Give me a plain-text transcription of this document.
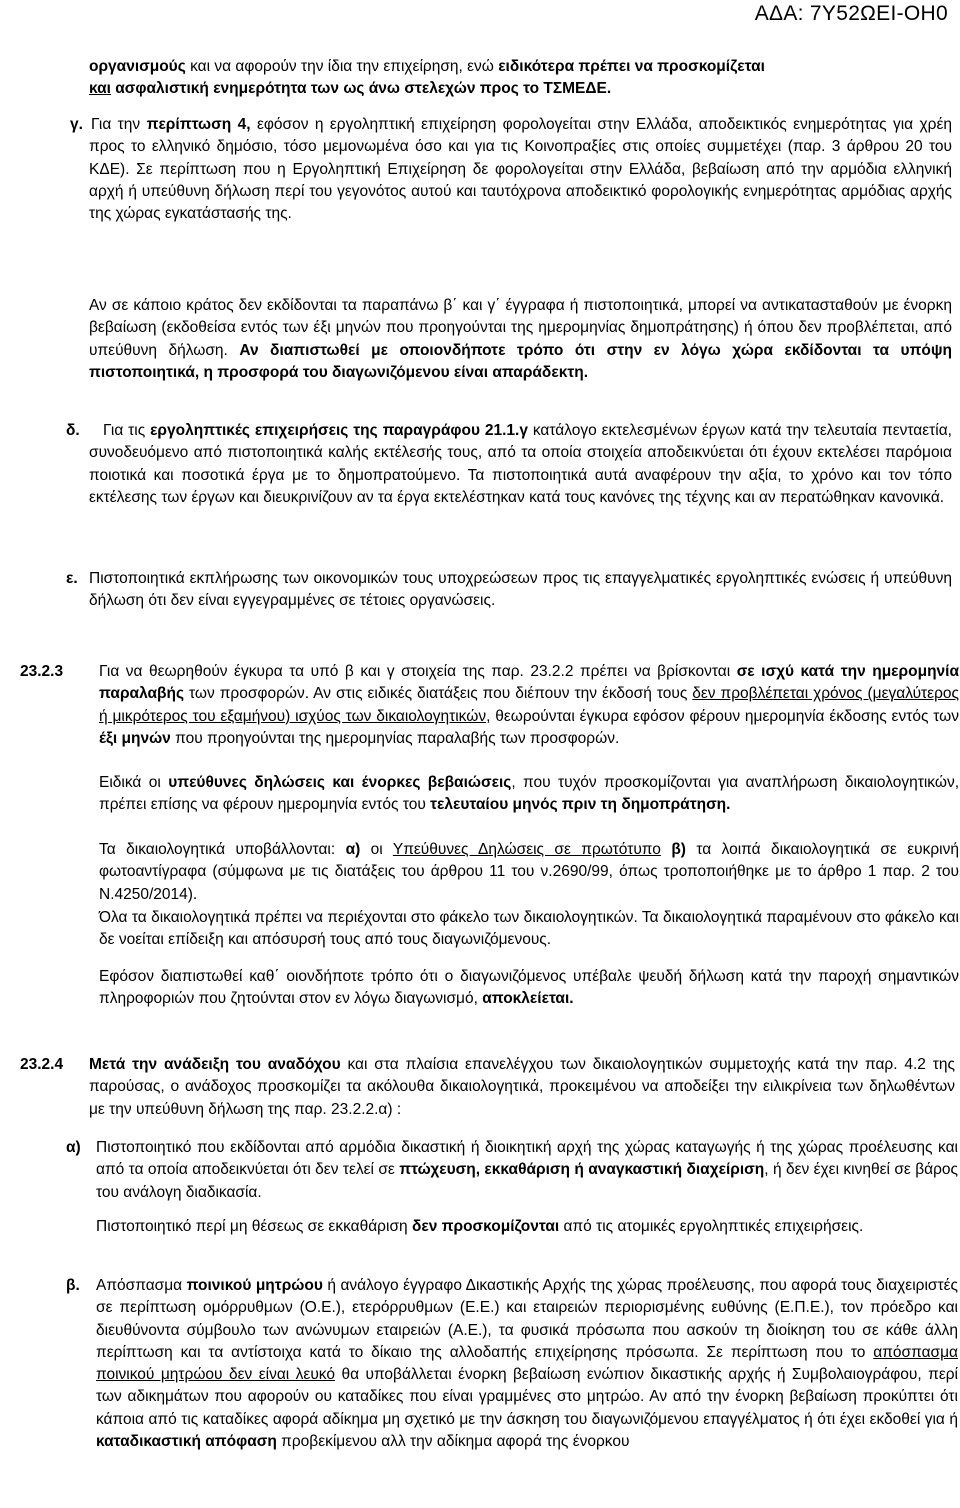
ΑΔΑ: 7Υ52ΩΕΙ-ΟΗ0

οργανισμούς και να αφορούν την ίδια την επιχείρηση, ενώ ειδικότερα πρέπει να προσκομίζεται
και ασφαλιστική ενημερότητα των ως άνω στελεχών προς το ΤΣΜΕΔΕ.

γ. Για την περίπτωση 4, εφόσον η εργοληπτική επιχείρηση φορολογείται στην Ελλάδα, αποδεικτικός ενημερότητας για χρέη προς το ελληνικό δημόσιο, τόσο μεμονωμένα όσο και για τις Κοινοπραξίες στις οποίες συμμετέχει (παρ. 3 άρθρου 20 του ΚΔΕ). Σε περίπτωση που η Εργοληπτική Επιχείρηση δε φορολογείται στην Ελλάδα, βεβαίωση από την αρμόδια ελληνική αρχή ή υπεύθυνη δήλωση περί του γεγονότος αυτού και ταυτόχρονα αποδεικτικό φορολογικής ενημερότητας αρμόδιας αρχής της χώρας εγκατάστασής της.

Αν σε κάποιο κράτος δεν εκδίδονται τα παραπάνω β΄ και γ΄ έγγραφα ή πιστοποιητικά, μπορεί να αντικατασταθούν με ένορκη βεβαίωση (εκδοθείσα εντός των έξι μηνών που προηγούνται της ημερομηνίας δημοπράτησης) ή όπου δεν προβλέπεται, από υπεύθυνη δήλωση. Αν διαπιστωθεί με οποιονδήποτε τρόπο ότι στην εν λόγω χώρα εκδίδονται τα υπόψη πιστοποιητικά, η προσφορά του διαγωνιζόμενου είναι απαράδεκτη.

δ.	Για τις εργοληπτικές επιχειρήσεις της παραγράφου 21.1.γ κατάλογο εκτελεσμένων έργων κατά την τελευταία πενταετία, συνοδευόμενο από πιστοποιητικά καλής εκτέλεσής τους, από τα οποία στοιχεία αποδεικνύεται ότι έχουν εκτελέσει παρόμοια ποιοτικά και ποσοτικά έργα με το δημοπρατούμενο. Τα πιστοποιητικά αυτά αναφέρουν την αξία, το χρόνο και τον τόπο εκτέλεσης των έργων και διευκρινίζουν αν τα έργα εκτελέστηκαν κατά τους κανόνες της τέχνης και αν περατώθηκαν κανονικά.

ε. Πιστοποιητικά εκπλήρωσης των οικονομικών τους υποχρεώσεων προς τις επαγγελματικές εργοληπτικές ενώσεις ή υπεύθυνη δήλωση ότι δεν είναι εγγεγραμμένες σε τέτοιες οργανώσεις.

23.2.3 Για να θεωρηθούν έγκυρα τα υπό β και γ στοιχεία της παρ. 23.2.2 πρέπει να βρίσκονται σε ισχύ κατά την ημερομηνία παραλαβής των προσφορών. Αν στις ειδικές διατάξεις που διέπουν την έκδοσή τους δεν προβλέπεται χρόνος (μεγαλύτερος ή μικρότερος του εξαμήνου) ισχύος των δικαιολογητικών, θεωρούνται έγκυρα εφόσον φέρουν ημερομηνία έκδοσης εντός των έξι μηνών που προηγούνται της ημερομηνίας παραλαβής των προσφορών.

Ειδικά οι υπεύθυνες δηλώσεις και ένορκες βεβαιώσεις, που τυχόν προσκομίζονται για αναπλήρωση δικαιολογητικών, πρέπει επίσης να φέρουν ημερομηνία εντός του τελευταίου μηνός πριν τη δημοπράτηση.

Τα δικαιολογητικά υποβάλλονται: α) οι Υπεύθυνες Δηλώσεις σε πρωτότυπο β) τα λοιπά δικαιολογητικά σε ευκρινή φωτοαντίγραφα (σύμφωνα με τις διατάξεις του άρθρου 11 του ν.2690/99, όπως τροποποιήθηκε με το άρθρο 1 παρ. 2 του Ν.4250/2014).

Όλα τα δικαιολογητικά πρέπει να περιέχονται στο φάκελο των δικαιολογητικών. Τα δικαιολογητικά παραμένουν στο φάκελο και δε νοείται επίδειξη και απόσυρσή τους από τους διαγωνιζόμενους.

Εφόσον διαπιστωθεί καθ΄ οιονδήποτε τρόπο ότι ο διαγωνιζόμενος υπέβαλε ψευδή δήλωση κατά την παροχή σημαντικών πληροφοριών που ζητούνται στον εν λόγω διαγωνισμό, αποκλείεται.

23.2.4 Μετά την ανάδειξη του αναδόχου και στα πλαίσια επανελέγχου των δικαιολογητικών συμμετοχής κατά την παρ. 4.2 της παρούσας, ο ανάδοχος προσκομίζει τα ακόλουθα δικαιολογητικά, προκειμένου να αποδείξει την ειλικρίνεια των δηλωθέντων με την υπεύθυνη δήλωση της παρ. 23.2.2.α) :

α) Πιστοποιητικό που εκδίδονται από αρμόδια δικαστική ή διοικητική αρχή της χώρας καταγωγής ή της χώρας προέλευσης και από τα οποία αποδεικνύεται ότι δεν τελεί σε πτώχευση, εκκαθάριση ή αναγκαστική διαχείριση, ή δεν έχει κινηθεί σε βάρος του ανάλογη διαδικασία.

Πιστοποιητικό περί μη θέσεως σε εκκαθάριση δεν προσκομίζονται από τις ατομικές εργοληπτικές επιχειρήσεις.

β. Απόσπασμα ποινικού μητρώου ή ανάλογο έγγραφο Δικαστικής Αρχής της χώρας προέλευσης, που αφορά τους διαχειριστές σε περίπτωση ομόρρυθμων (Ο.Ε.), ετερόρρυθμων (Ε.Ε.) και εταιρειών περιορισμένης ευθύνης (Ε.Π.Ε.), τον πρόεδρο και διευθύνοντα σύμβουλο των ανώνυμων εταιρειών (Α.Ε.), τα φυσικά πρόσωπα που ασκούν τη διοίκηση του σε κάθε άλλη περίπτωση και τα αντίστοιχα κατά το δίκαιο της αλλοδαπής επιχείρησης πρόσωπα. Σε περίπτωση που το απόσπασμα ποινικού μητρώου δεν είναι λευκό θα υποβάλλεται ένορκη βεβαίωση ενώπιον δικαστικής αρχής ή Συμβολαιογράφου, περί των αδικημάτων που αφορούν ου καταδίκες που είναι γραμμένες στο μητρώο. Αν από την ένορκη βεβαίωση προκύπτει ότι κάποια από τις καταδίκες αφορά αδίκημα μη σχετικό με την άσκηση του διαγωνιζόμενου επαγγέλματος ή ότι έχει εκδοθεί για ή καταδικαστική απόφαση προβεκίμενου αλλ την αδίκημα αφορά της ένορκου
